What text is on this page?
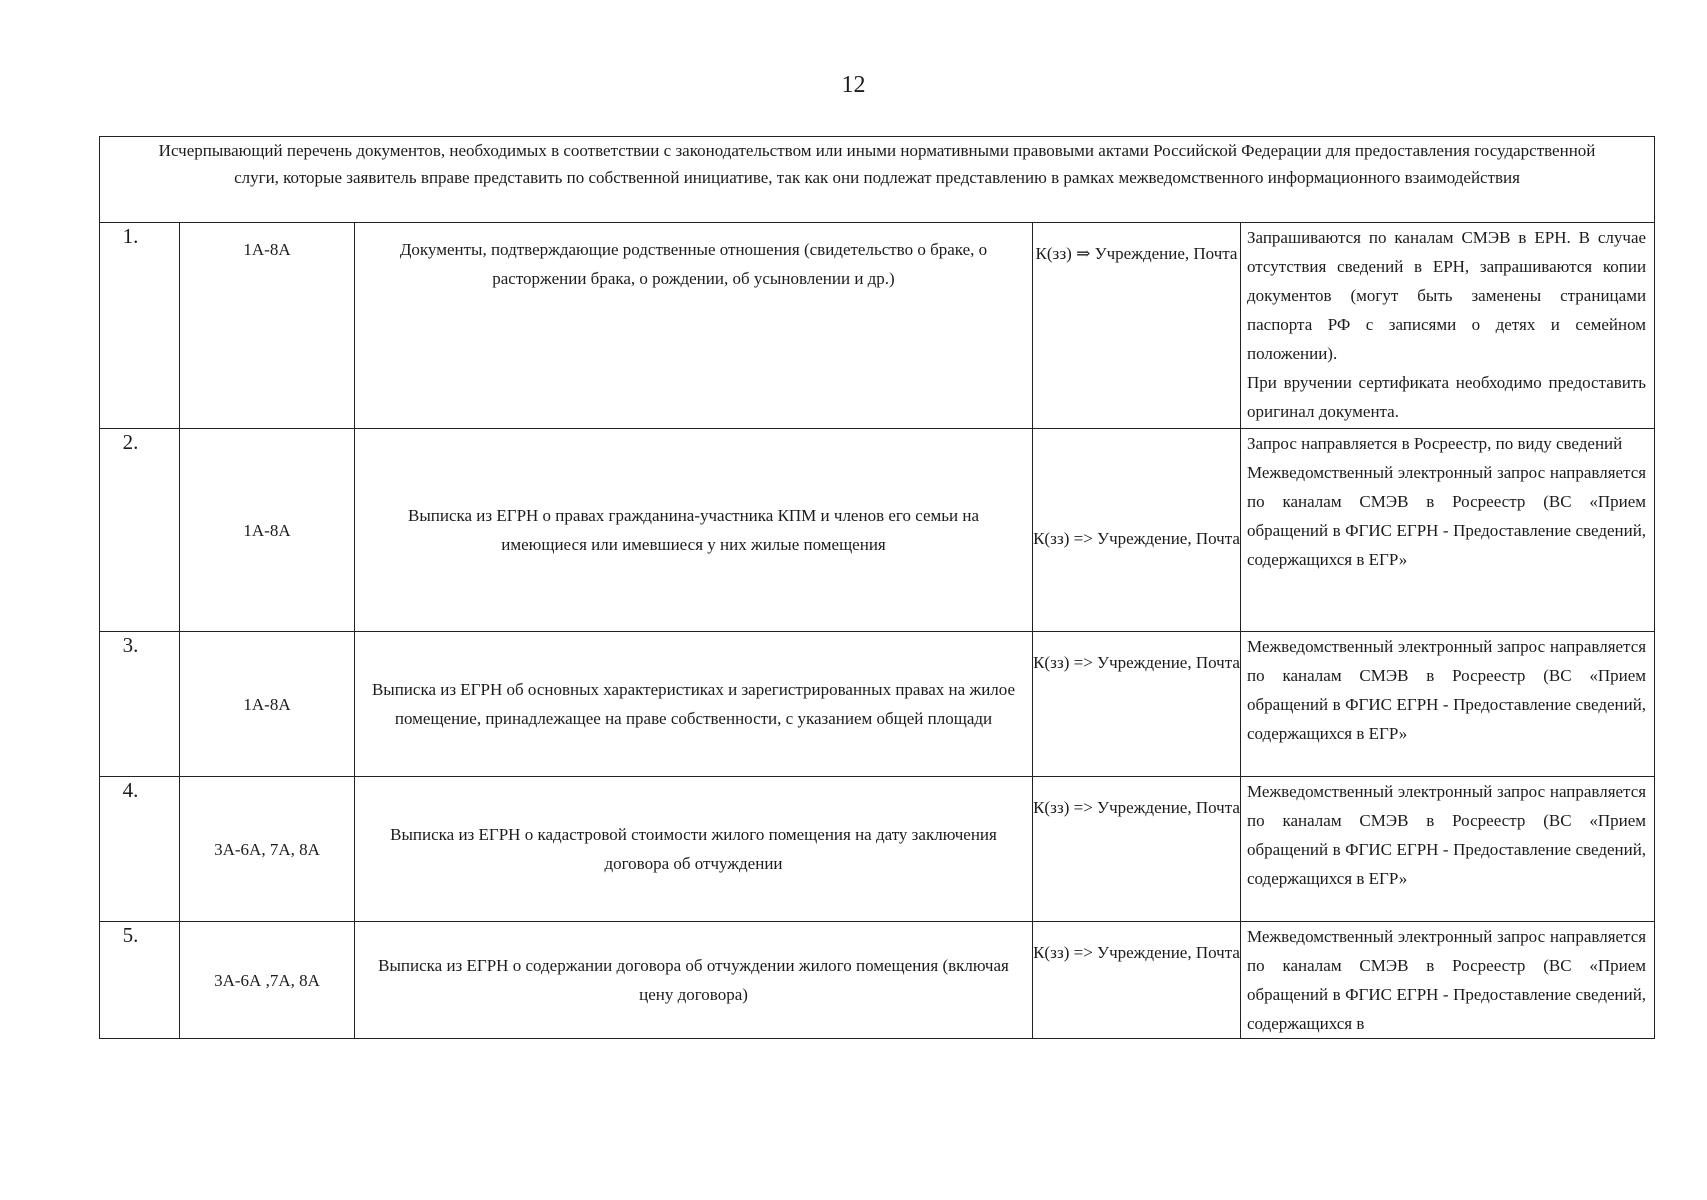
12
Исчерпывающий перечень документов, необходимых в соответствии с законодательством или иными нормативными правовыми актами Российской Федерации для предоставления государственной слуги, которые заявитель вправе представить по собственной инициативе, так как они подлежат представлению в рамках межведомственного информационного взаимодействия				
1.	1А-8А	Документы, подтверждающие родственные отношения (свидетельство о браке, о расторжении брака, о рождении, об усыновлении и др.)	К(зз) ⇒ Учреждение, Почта	Запрашиваются по каналам СМЭВ в ЕРН. В случае отсутствия сведений в ЕРН, запрашиваются копии документов (могут быть заменены страницами паспорта РФ с записями о детях и семейном положении).

При вручении сертификата необходимо предоставить оригинал документа.

2.	1А-8А	Выписка из ЕГРН о правах гражданина-участника КПМ и членов его семьи на имеющиеся или имевшиеся у них жилые помещения	К(зз) => Учреждение, Почта	Запрос направляется в Росреестр, по виду сведений

Межведомственный электронный запрос направляется по каналам СМЭВ в Росреестр (ВС «Прием обращений в ФГИС ЕГРН - Предоставление сведений, содержащихся в ЕГР»

3.	1А-8А	Выписка из ЕГРН об основных характеристиках и зарегистрированных правах на жилое помещение, принадлежащее на праве собственности, с указанием общей площади	К(зз) => Учреждение, Почта	Межведомственный электронный запрос направляется по каналам СМЭВ в Росреестр (ВС «Прием обращений в ФГИС ЕГРН - Предоставление сведений, содержащихся в ЕГР»

4.	3А-6А, 7А, 8А	Выписка из ЕГРН о кадастровой стоимости жилого помещения на дату заключения договора об отчуждении	К(зз) => Учреждение, Почта	Межведомственный электронный запрос направляется по каналам СМЭВ в Росреестр (ВС «Прием обращений в ФГИС ЕГРН - Предоставление сведений, содержащихся в ЕГР»

5.	3А-6А ,7А, 8А	Выписка из ЕГРН о содержании договора об отчуждении жилого помещения (включая цену договора)	К(зз) => Учреждение, Почта	Межведомственный электронный запрос направляется по каналам СМЭВ в Росреестр (ВС «Прием обращений в ФГИС ЕГРН - Предоставление сведений, содержащихся в
